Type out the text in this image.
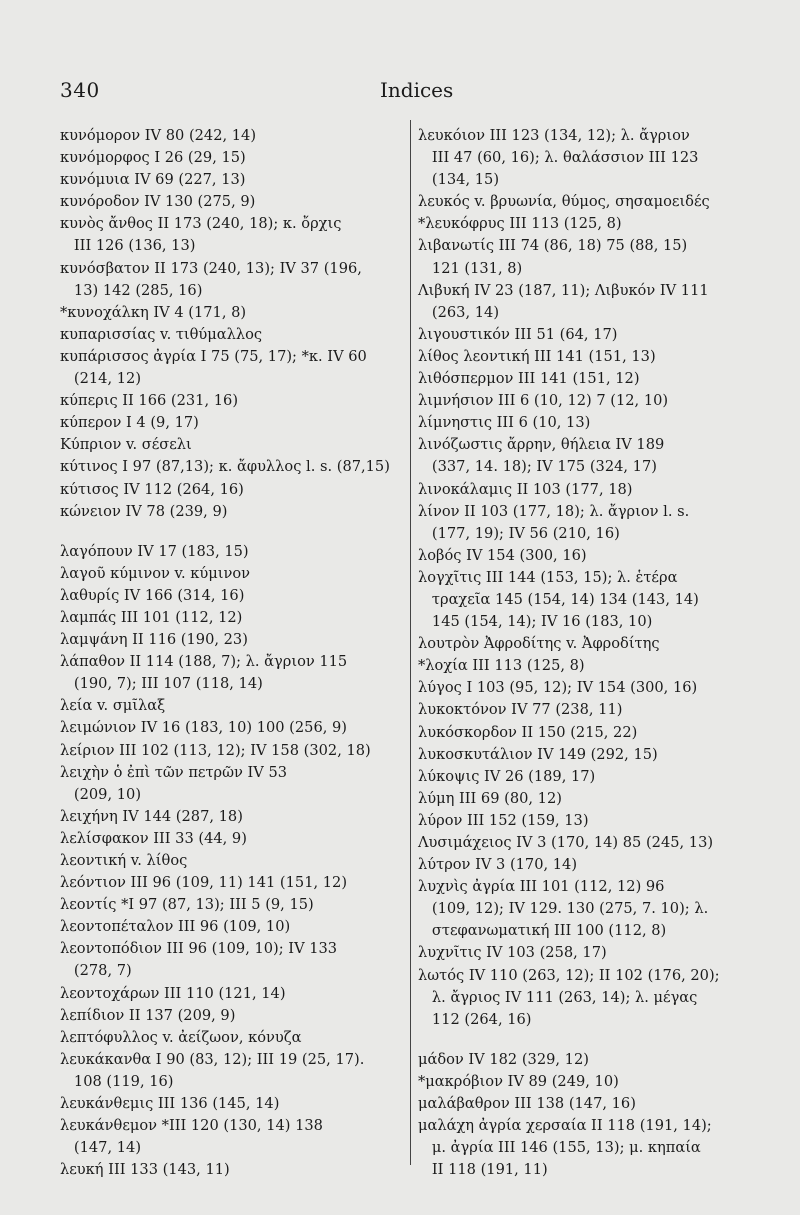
340	Indices
κυνόμορον IV 80 (242, 14)
κυνόμορφος I 26 (29, 15)
κυνόμυια IV 69 (227, 13)
κυνόροδον IV 130 (275, 9)
κυνὸς ἄνθος II 173 (240, 18); κ. ὄρχις
III 126 (136, 13)
κυνόσβατον II 173 (240, 13); IV 37 (196,
13) 142 (285, 16)
*κυνοχάλκη IV 4 (171, 8)
κυπαρισσίας v. τιθύμαλλος
κυπάρισσος ἀγρία I 75 (75, 17); *κ. IV 60
(214, 12)
κύπερις II 166 (231, 16)
κύπερον I 4 (9, 17)
Κύπριον v. σέσελι
κύτινος I 97 (87,13); κ. ἄφυλλος l. s. (87,15)
κύτισος IV 112 (264, 16)
κώνειον IV 78 (239, 9)
λαγόπουν IV 17 (183, 15)
λαγοῦ κύμινον v. κύμινον
λαθυρίς IV 166 (314, 16)
λαμπάς III 101 (112, 12)
λαμψάνη II 116 (190, 23)
λάπαθον II 114 (188, 7); λ. ἄγριον 115
(190, 7); III 107 (118, 14)
λεία v. σμῖλαξ
λειμώνιον IV 16 (183, 10) 100 (256, 9)
λείριον III 102 (113, 12); IV 158 (302, 18)
λειχὴν ὁ ἐπὶ τῶν πετρῶν IV 53
(209, 10)
λειχήνη IV 144 (287, 18)
λελίσφακον III 33 (44, 9)
λεοντική v. λίθος
λεόντιον III 96 (109, 11) 141 (151, 12)
λεοντίς *I 97 (87, 13); III 5 (9, 15)
λεοντοπέταλον III 96 (109, 10)
λεοντοπόδιον III 96 (109, 10); IV 133
(278, 7)
λεοντοχάρων III 110 (121, 14)
λεπίδιον II 137 (209, 9)
λεπτόφυλλος v. ἀείζωον, κόνυζα
λευκάκανθα I 90 (83, 12); III 19 (25, 17).
108 (119, 16)
λευκάνθεμις III 136 (145, 14)
λευκάνθεμον *III 120 (130, 14) 138
(147, 14)
λευκή III 133 (143, 11)
λευκόιον III 123 (134, 12); λ. ἄγριον
III 47 (60, 16); λ. θαλάσσιον III 123
(134, 15)
λευκός v. βρυωνία, θύμος, σησαμοειδές
*λευκόφρυς III 113 (125, 8)
λιβανωτίς III 74 (86, 18) 75 (88, 15)
121 (131, 8)
Λιβυκή IV 23 (187, 11); Λιβυκόν IV 111
(263, 14)
λιγουστικόν III 51 (64, 17)
λίθος λεοντική III 141 (151, 13)
λιθόσπερμον III 141 (151, 12)
λιμνήσιον III 6 (10, 12) 7 (12, 10)
λίμνηστις III 6 (10, 13)
λινόζωστις ἄρρην, θήλεια IV 189
(337, 14. 18); IV 175 (324, 17)
λινοκάλαμις II 103 (177, 18)
λίνον II 103 (177, 18); λ. ἄγριον l. s.
(177, 19); IV 56 (210, 16)
λοβός IV 154 (300, 16)
λογχῖτις III 144 (153, 15); λ. ἑτέρα
τραχεῖα 145 (154, 14) 134 (143, 14)
145 (154, 14); IV 16 (183, 10)
λουτρὸν Ἀφροδίτης v. Ἀφροδίτης
*λοχία III 113 (125, 8)
λύγος I 103 (95, 12); IV 154 (300, 16)
λυκοκτόνον IV 77 (238, 11)
λυκόσκορδον II 150 (215, 22)
λυκοσκυτάλιον IV 149 (292, 15)
λύκοψις IV 26 (189, 17)
λύμη III 69 (80, 12)
λύρον III 152 (159, 13)
Λυσιμάχειος IV 3 (170, 14) 85 (245, 13)
λύτρον IV 3 (170, 14)
λυχνὶς ἀγρία III 101 (112, 12) 96
(109, 12); IV 129. 130 (275, 7. 10); λ.
στεφανωματική III 100 (112, 8)
λυχνῖτις IV 103 (258, 17)
λωτός IV 110 (263, 12); II 102 (176, 20);
λ. ἄγριος IV 111 (263, 14); λ. μέγας
112 (264, 16)
μάδον IV 182 (329, 12)
*μακρόβιον IV 89 (249, 10)
μαλάβαθρον III 138 (147, 16)
μαλάχη ἀγρία χερσαία II 118 (191, 14);
μ. ἀγρία III 146 (155, 13); μ. κηπαία
II 118 (191, 11)
